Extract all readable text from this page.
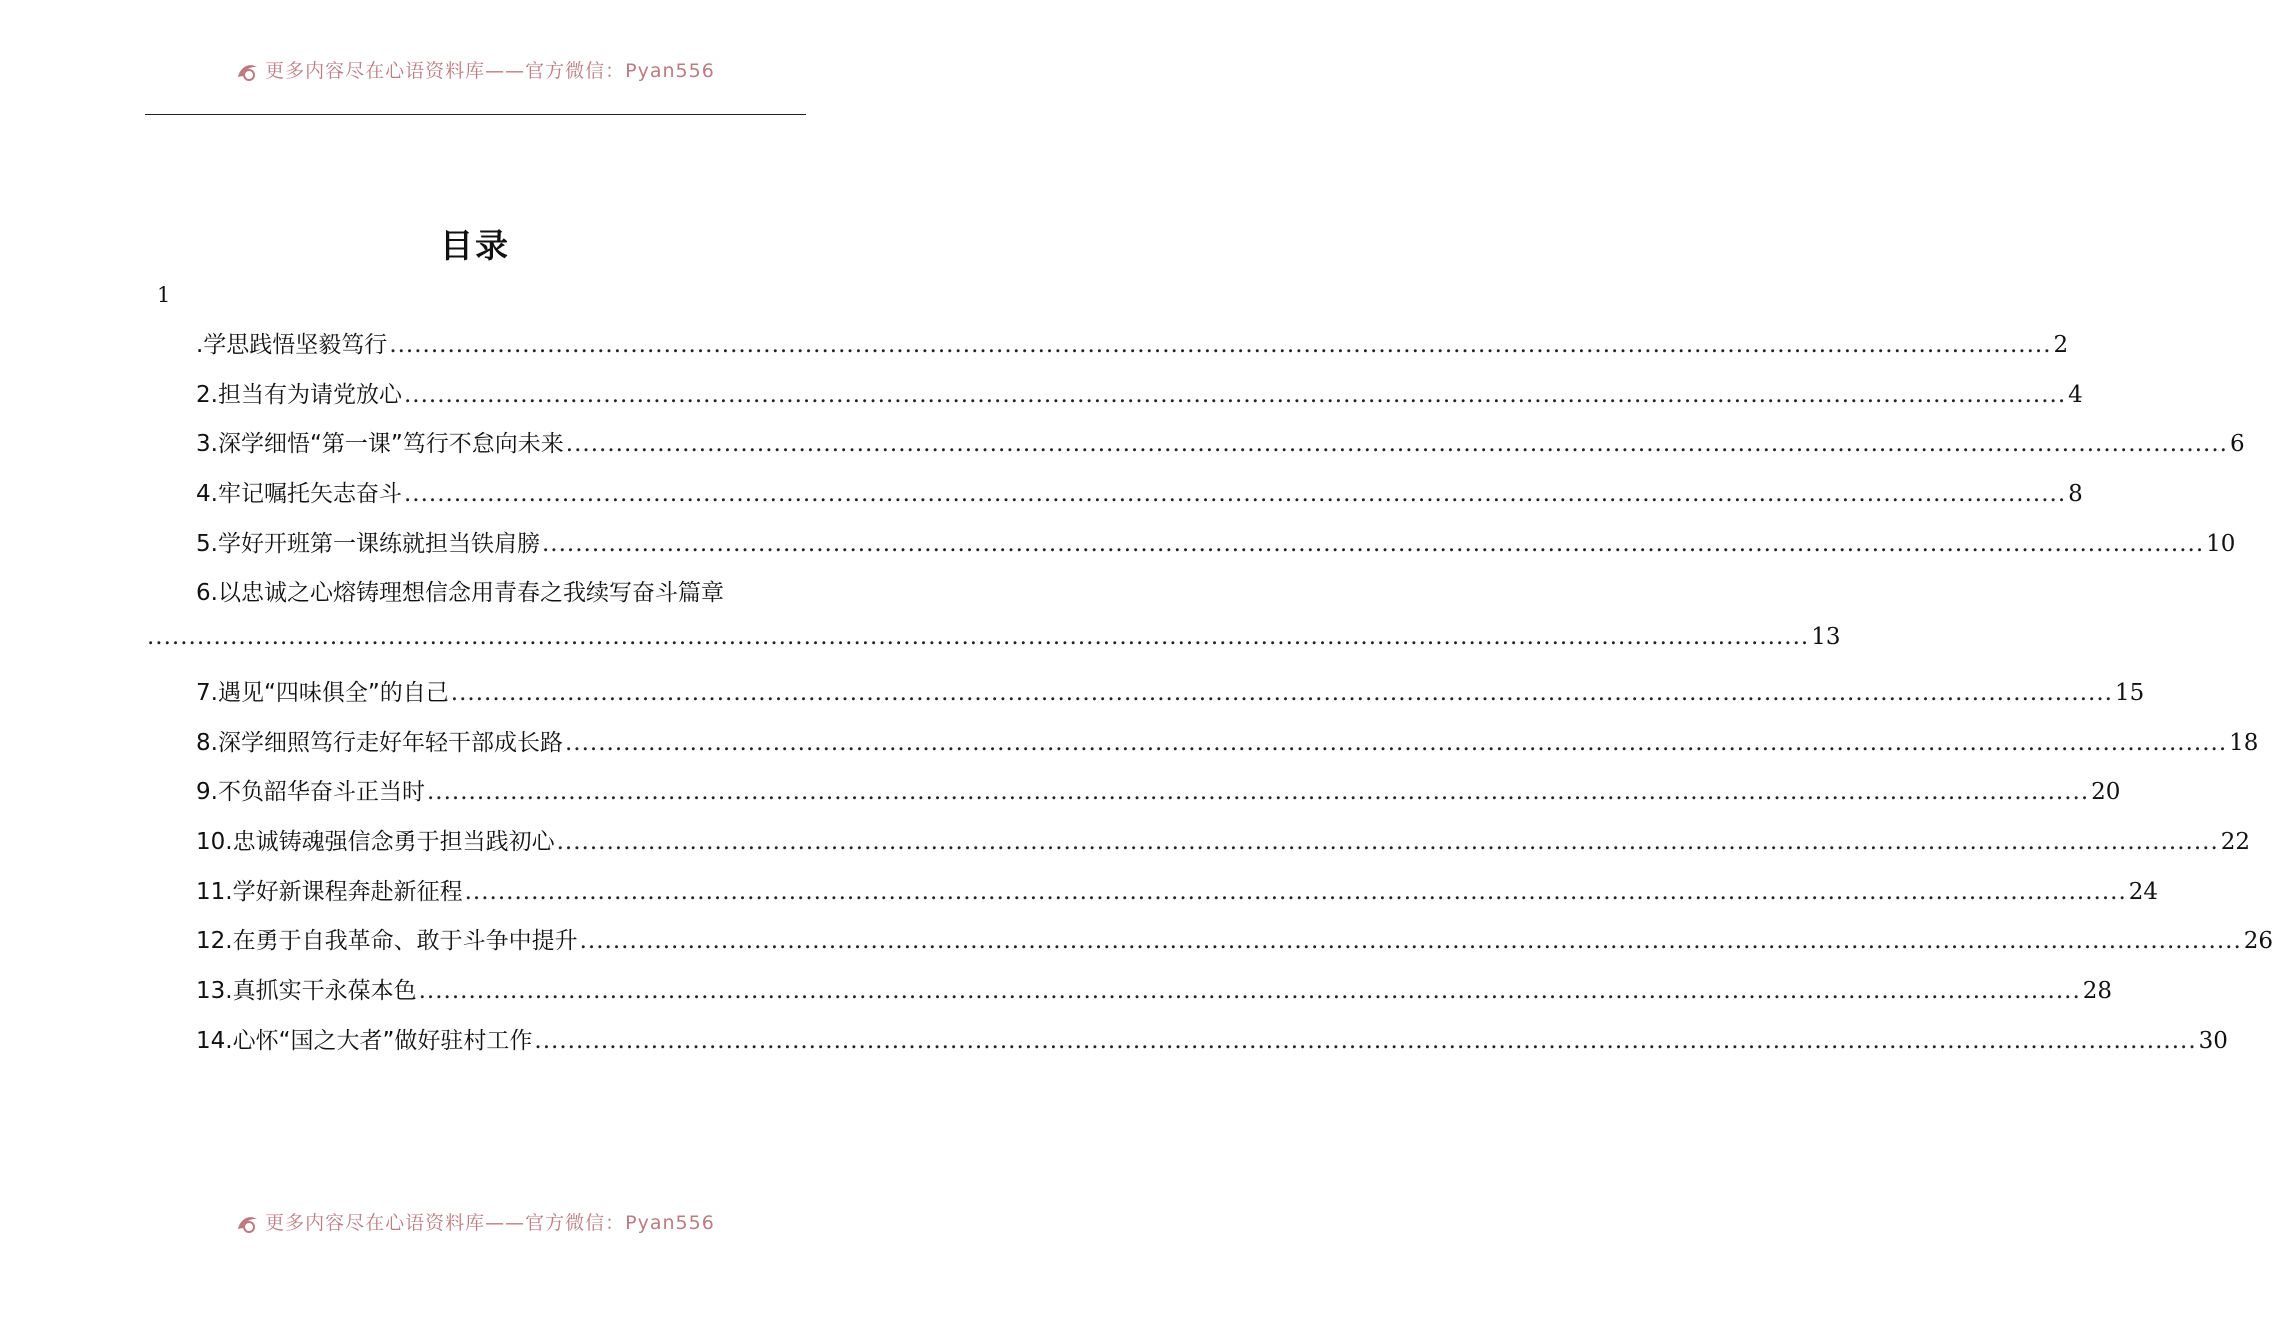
更多内容尽在心语资料库——官方微信：Pyan556
目录
1
.学思践悟坚毅笃行 ........................................................................................................................................................................................................ 2
2.担当有为请党放心 ........................................................................................................................................................................................................ 4
3.深学细悟“第一课”笃行不怠向未来 ........................................................................................................................................................................................................ 6
4.牢记嘱托矢志奋斗 ........................................................................................................................................................................................................ 8
5.学好开班第一课练就担当铁肩膀 ........................................................................................................................................................................................................ 10
6.以忠诚之心熔铸理想信念用青春之我续写奋斗篇章
........................................................................................................................................................................................................ 13
7.遇见“四味俱全”的自己 ........................................................................................................................................................................................................ 15
8.深学细照笃行走好年轻干部成长路 ........................................................................................................................................................................................................ 18
9.不负韶华奋斗正当时 ........................................................................................................................................................................................................ 20
10.忠诚铸魂强信念勇于担当践初心 ........................................................................................................................................................................................................ 22
11.学好新课程奔赴新征程 ........................................................................................................................................................................................................ 24
12.在勇于自我革命、敢于斗争中提升 ........................................................................................................................................................................................................ 26
13.真抓实干永葆本色 ........................................................................................................................................................................................................ 28
14.心怀“国之大者”做好驻村工作 ........................................................................................................................................................................................................ 30
更多内容尽在心语资料库——官方微信：Pyan556
